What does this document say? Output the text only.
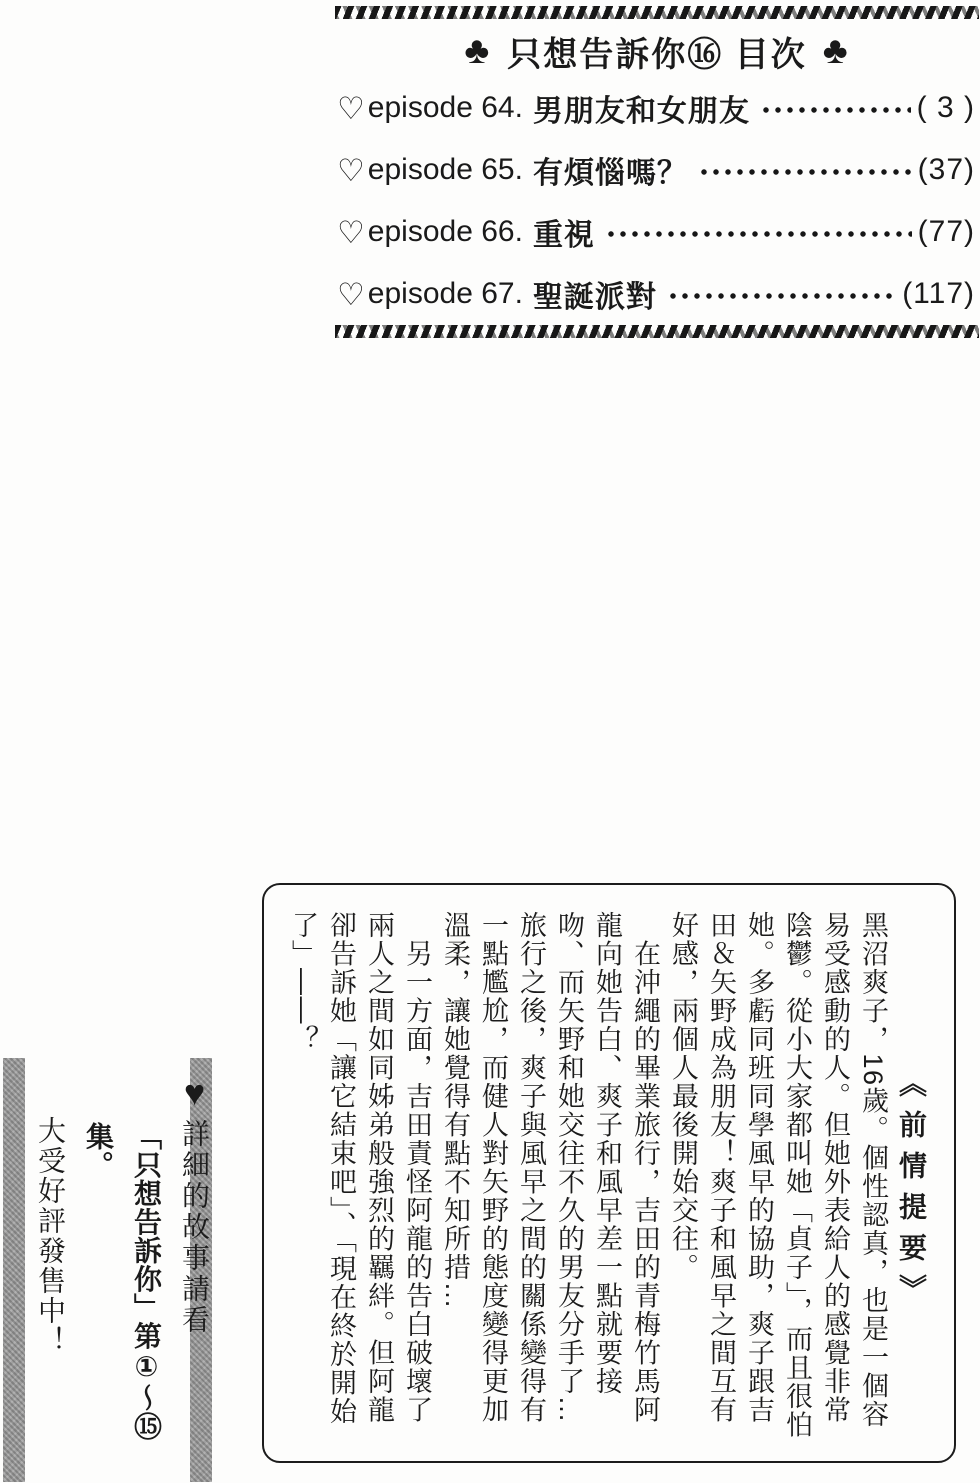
♣ 只想告訴你⑯ 目次 ♣
♡ episode 64. 男朋友和女朋友	( 3 )
♡ episode 65. 有煩惱嗎？	(37)
♡ episode 66. 重視	(77)
♡ episode 67. 聖誕派對	(117)

《前情提要》

黑沼爽子，16歲。個性認真，也是一個容易受感動的人。但她外表給人的感覺非常陰鬱。從小大家都叫她「貞子」，而且很怕她。多虧同班同學風早的協助，爽子跟吉田＆矢野成為朋友！爽子和風早之間互有好感，兩個人最後開始交往。

　在沖繩的畢業旅行，吉田的青梅竹馬阿龍向她告白、爽子和風早差一點就要接吻、而矢野和她交往不久的男友分手了…旅行之後，爽子與風早之間的關係變得有一點尷尬，而健人對矢野的態度變得更加溫柔，讓她覺得有點不知所措…

　另一方面，吉田責怪阿龍的告白破壞了兩人之間如同姊弟般強烈的羈絆。但阿龍卻告訴她「讓它結束吧」、「現在終於開始了」——？

♥詳細的故事請看

「只想告訴你」第①～⑮集。

大受好評發售中！
